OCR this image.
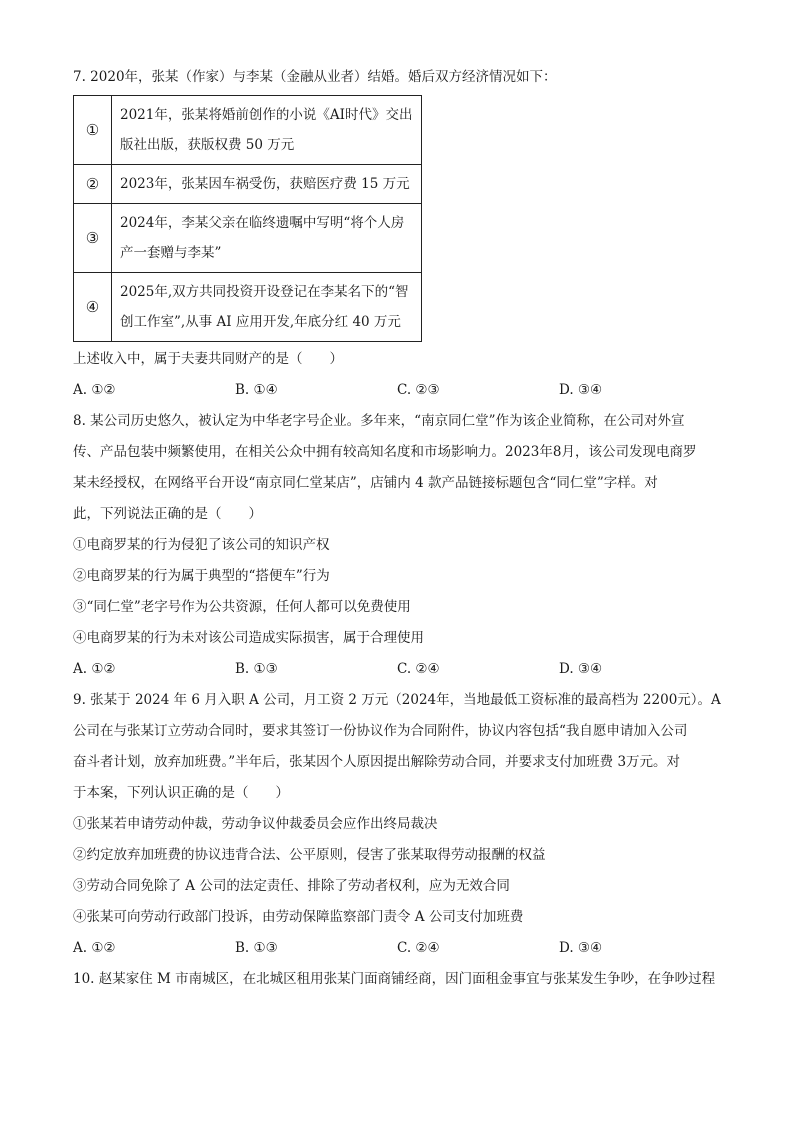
7. 2020年，张某（作家）与李某（金融从业者）结婚。婚后双方经济情况如下：
①	2021年，张某将婚前创作的小说《AI时代》交出
版社出版，获版权费 50 万元

②	2023年，张某因车祸受伤，获赔医疗费 15 万元

③	2024年，李某父亲在临终遗嘱中写明“将个人房
产一套赠与李某”

④	2025年,双方共同投资开设登记在李某名下的“智
创工作室”,从事 AI 应用开发,年底分红 40 万元
上述收入中，属于夫妻共同财产的是（　　）
A. ①②	B. ①④	C. ②③	D. ③④
8. 某公司历史悠久，被认定为中华老字号企业。多年来，“南京同仁堂”作为该企业简称，在公司对外宣
传、产品包装中频繁使用，在相关公众中拥有较高知名度和市场影响力。2023年8月，该公司发现电商罗
某未经授权，在网络平台开设“南京同仁堂某店”，店铺内 4 款产品链接标题包含“同仁堂”字样。对
此，下列说法正确的是（　　）
①电商罗某的行为侵犯了该公司的知识产权
②电商罗某的行为属于典型的“搭便车”行为
③“同仁堂”老字号作为公共资源，任何人都可以免费使用
④电商罗某的行为未对该公司造成实际损害，属于合理使用
A. ①②	B. ①③	C. ②④	D. ③④
9. 张某于 2024 年 6 月入职 A 公司，月工资 2 万元（2024年，当地最低工资标准的最高档为 2200元）。A
公司在与张某订立劳动合同时，要求其签订一份协议作为合同附件，协议内容包括“我自愿申请加入公司
奋斗者计划，放弃加班费。”半年后，张某因个人原因提出解除劳动合同，并要求支付加班费 3万元。对
于本案，下列认识正确的是（　　）
①张某若申请劳动仲裁，劳动争议仲裁委员会应作出终局裁决
②约定放弃加班费的协议违背合法、公平原则，侵害了张某取得劳动报酬的权益
③劳动合同免除了 A 公司的法定责任、排除了劳动者权利，应为无效合同
④张某可向劳动行政部门投诉，由劳动保障监察部门责令 A 公司支付加班费
A. ①②	B. ①③	C. ②④	D. ③④
10. 赵某家住 M 市南城区，在北城区租用张某门面商铺经商，因门面租金事宜与张某发生争吵，在争吵过程
